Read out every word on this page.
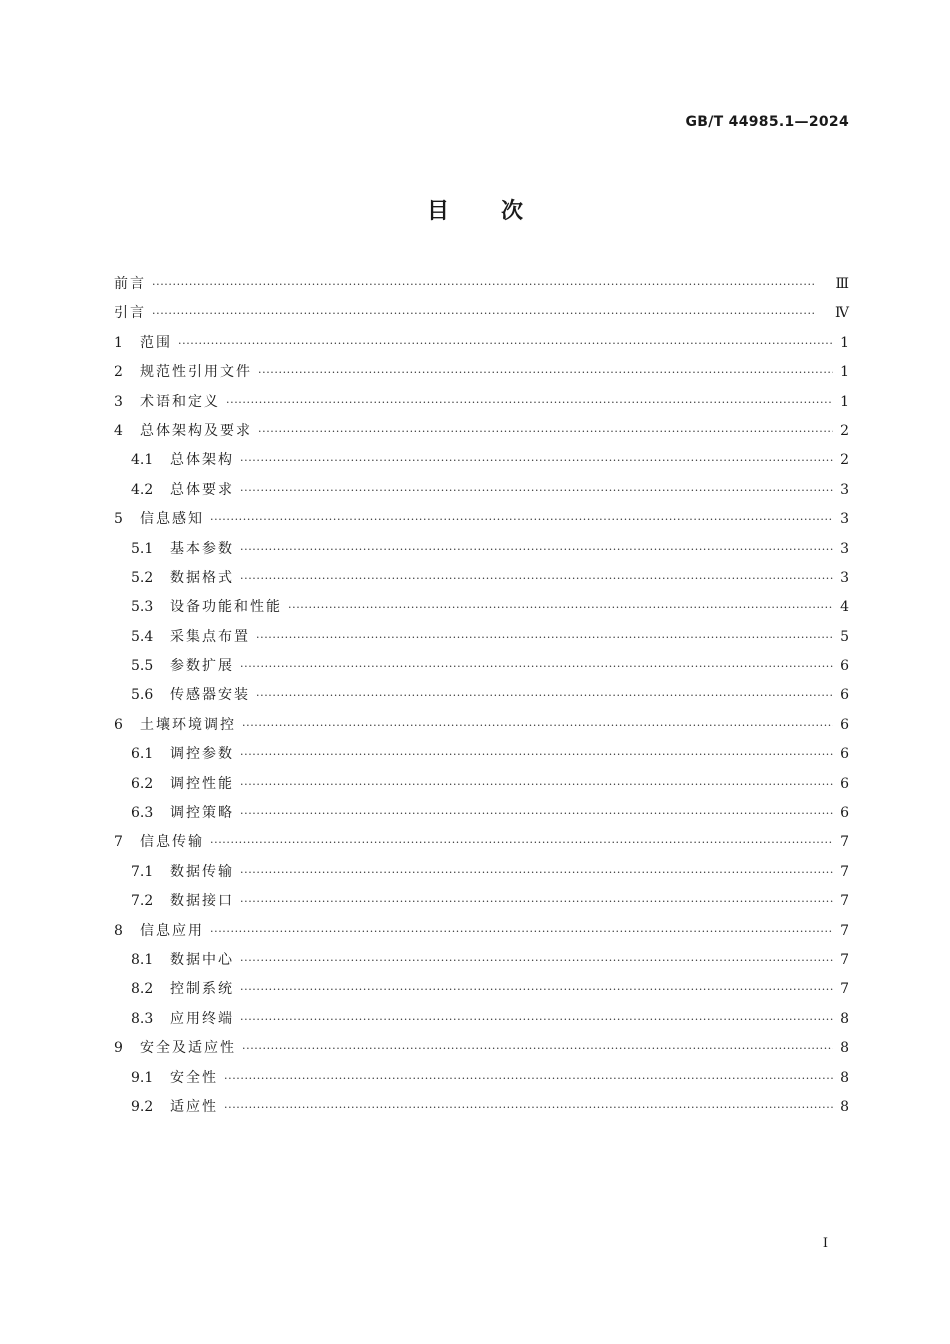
GB/T 44985.1—2024
目 次
前言 ·····	Ⅲ
引言 ·····	Ⅳ
1	范围 ·····	1
2	规范性引用文件 ·····	1
3	术语和定义 ·····	1
4	总体架构及要求 ·····	2
4.1	总体架构 ·····	2
4.2	总体要求 ·····	3
5	信息感知 ·····	3
5.1	基本参数 ·····	3
5.2	数据格式 ·····	3
5.3	设备功能和性能 ·····	4
5.4	采集点布置 ·····	5
5.5	参数扩展 ·····	6
5.6	传感器安装 ·····	6
6	土壤环境调控 ·····	6
6.1	调控参数 ·····	6
6.2	调控性能 ·····	6
6.3	调控策略 ·····	6
7	信息传输 ·····	7
7.1	数据传输 ·····	7
7.2	数据接口 ·····	7
8	信息应用 ·····	7
8.1	数据中心 ·····	7
8.2	控制系统 ·····	7
8.3	应用终端 ·····	8
9	安全及适应性 ·····	8
9.1	安全性 ·····	8
9.2	适应性 ·····	8
I
